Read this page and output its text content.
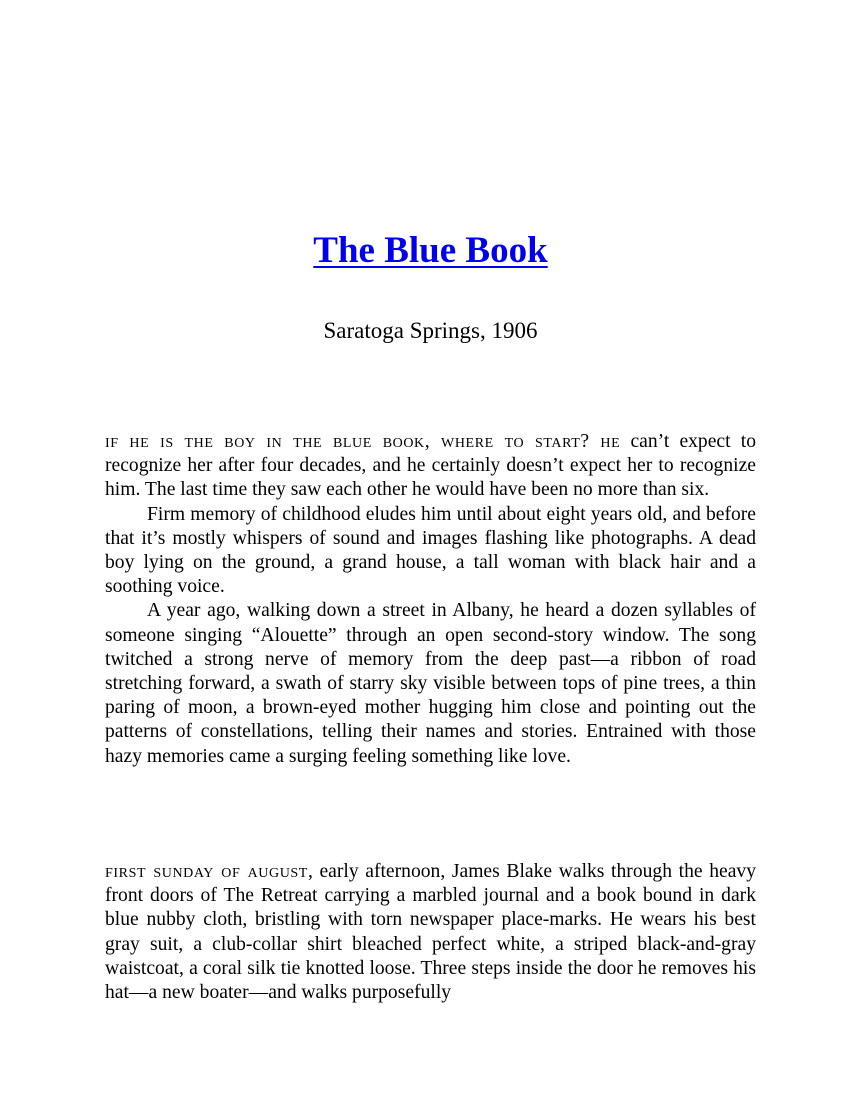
The Blue Book

Saratoga Springs, 1906

if he is the boy in the blue book, where to start? he can’t expect to recognize her after four decades, and he certainly doesn’t expect her to recognize him. The last time they saw each other he would have been no more than six.

Firm memory of childhood eludes him until about eight years old, and before that it’s mostly whispers of sound and images flashing like photographs. A dead boy lying on the ground, a grand house, a tall woman with black hair and a soothing voice.

A year ago, walking down a street in Albany, he heard a dozen syllables of someone singing “Alouette” through an open second-story window. The song twitched a strong nerve of memory from the deep past—a ribbon of road stretching forward, a swath of starry sky visible between tops of pine trees, a thin paring of moon, a brown-eyed mother hugging him close and pointing out the patterns of constellations, telling their names and stories. Entrained with those hazy memories came a surging feeling something like love.

first sunday of august, early afternoon, James Blake walks through the heavy front doors of The Retreat carrying a marbled journal and a book bound in dark blue nubby cloth, bristling with torn newspaper place-marks. He wears his best gray suit, a club-collar shirt bleached perfect white, a striped black-and-gray waistcoat, a coral silk tie knotted loose. Three steps inside the door he removes his hat—a new boater—and walks purposefully
